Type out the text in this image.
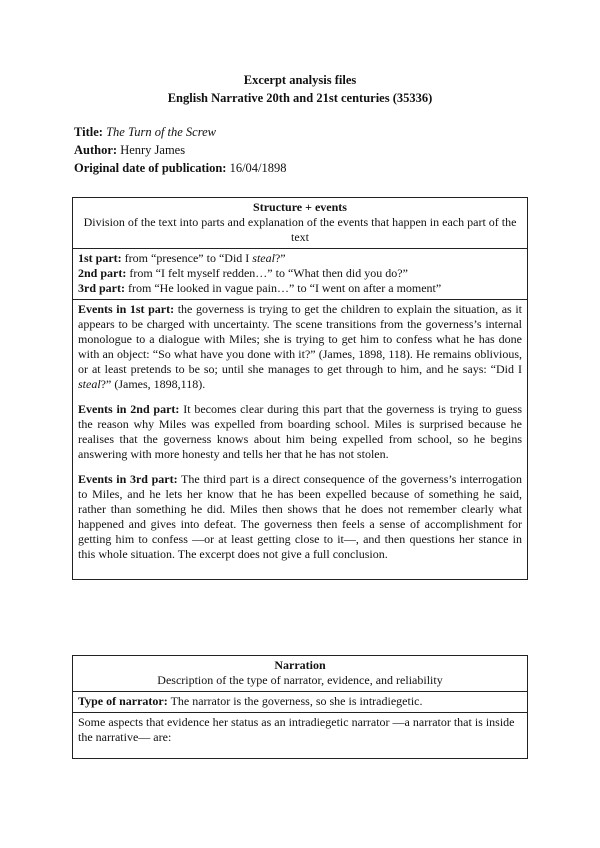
Excerpt analysis files
English Narrative 20th and 21st centuries (35336)
Title: The Turn of the Screw
Author: Henry James
Original date of publication: 16/04/1898
Structure + events
Division of the text into parts and explanation of the events that happen in each part of the text

1st part: from “presence” to “Did I steal?”
2nd part: from “I felt myself redden…” to “What then did you do?”
3rd part: from “He looked in vague pain…” to “I went on after a moment”

Events in 1st part: the governess is trying to get the children to explain the situation, as it appears to be charged with uncertainty. The scene transitions from the governess’s internal monologue to a dialogue with Miles; she is trying to get him to confess what he has done with an object: “So what have you done with it?” (James, 1898, 118). He remains oblivious, or at least pretends to be so; until she manages to get through to him, and he says: “Did I steal?” (James, 1898,118).

Events in 2nd part: It becomes clear during this part that the governess is trying to guess the reason why Miles was expelled from boarding school. Miles is surprised because he realises that the governess knows about him being expelled from school, so he begins answering with more honesty and tells her that he has not stolen.

Events in 3rd part: The third part is a direct consequence of the governess’s interrogation to Miles, and he lets her know that he has been expelled because of something he said, rather than something he did. Miles then shows that he does not remember clearly what happened and gives into defeat. The governess then feels a sense of accomplishment for getting him to confess —or at least getting close to it—, and then questions her stance in this whole situation. The excerpt does not give a full conclusion.

Narration
Description of the type of narrator, evidence, and reliability

Type of narrator: The narrator is the governess, so she is intradiegetic.

Some aspects that evidence her status as an intradiegetic narrator —a narrator that is inside the narrative— are:
